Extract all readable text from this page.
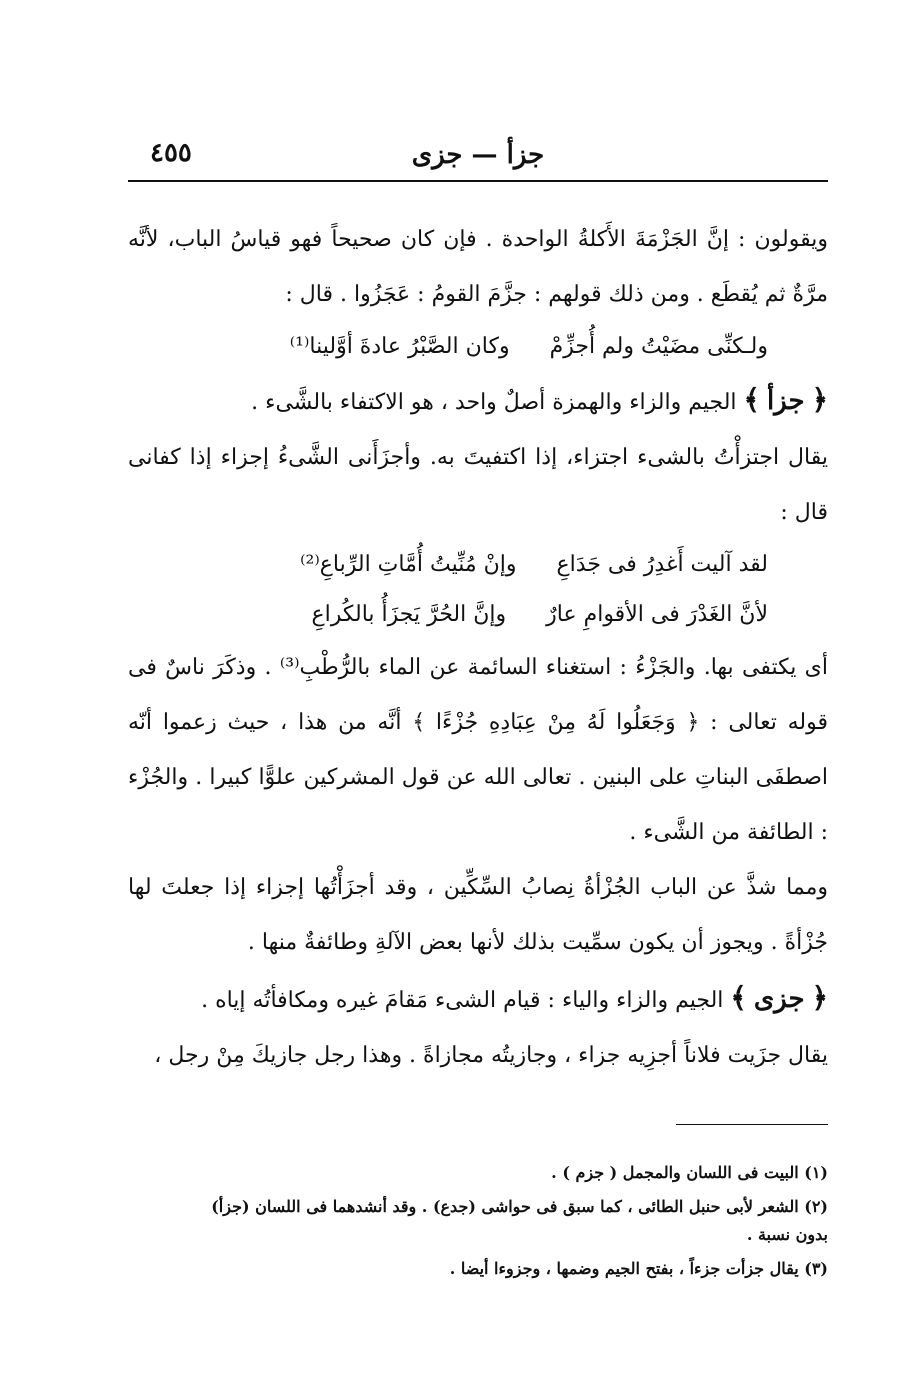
٤٥٥	جزأ — جزى

ويقولون : إنَّ الجَزْمَةَ الأَكلةُ الواحدة . فإن كان صحيحاً فهو قياسُ الباب، لأنَّه مرَّةٌ ثم يُقطَع . ومن ذلك قولهم : جزَّمَ القومُ : عَجَزُوا . قال :

ولـكنِّى مضَيْتُ ولم أُجزِّمْ
وكان الصَّبْرُ عادةَ أوَّلينا⁽¹⁾

﴿ جزأ ﴾ الجيم والزاء والهمزة أصلٌ واحد ، هو الاكتفاء بالشَّىء .

يقال اجتزأْتُ بالشىء اجتزاء، إذا اكتفيتَ به. وأجزَأَنى الشَّىءُ إجزاء إذا كفانى قال :

لقد آليت أَغدِرُ فى جَدَاعِ
وإنْ مُنِّيتُ أُمَّاتِ الرِّباعِ⁽²⁾
لأنَّ الغَدْرَ فى الأقوامِ عارٌ
وإنَّ الحُرَّ يَجزَأُ بالكُراعِ

أى يكتفى بها. والجَزْءُ : استغناء السائمة عن الماء بالرُّطْبِ⁽³⁾ . وذكَرَ ناسٌ فى قوله تعالى : ﴿ وَجَعَلُوا لَهُ مِنْ عِبَادِهِ جُزْءًا ﴾ أنَّه من هذا ، حيث زعموا أنّه اصطفَى البناتِ على البنين . تعالى الله عن قول المشركين علوًّا كبيرا . والجُزْء : الطائفة من الشَّىء .

ومما شذَّ عن الباب الجُزْأةُ نِصابُ السِّكِّين ، وقد أجزَأْتُها إجزاء إذا جعلتَ لها جُزْأةً . ويجوز أن يكون سمِّيت بذلك لأنها بعض الآلةِ وطائفةٌ منها .

﴿ جزى ﴾ الجيم والزاء والياء : قيام الشىء مَقامَ غيره ومكافأتُه إياه .

يقال جزَيت فلاناً أجزِيه جزاء ، وجازيتُه مجازاةً . وهذا رجل جازيكَ مِنْ رجل ،

(١) البيت فى اللسان والمجمل ( جزم ) .

(٢) الشعر لأبى حنبل الطائى ، كما سبق فى حواشى (جدع) . وقد أنشدهما فى اللسان (جزأ)

بدون نسبة .

(٣) يقال جزأت جزءاً ، بفتح الجيم وضمها ، وجزوءا أيضا .
